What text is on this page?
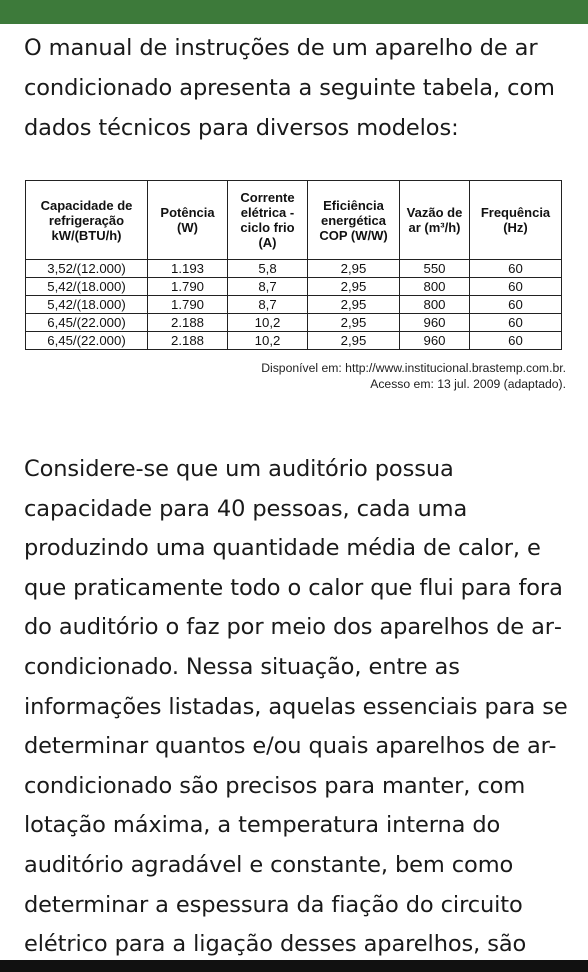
O manual de instruções de um aparelho de ar condicionado apresenta a seguinte tabela, com dados técnicos para diversos modelos:

Capacidade de refrigeração kW/(BTU/h)	Potência (W)	Corrente elétrica - ciclo frio (A)	Eficiência energética COP (W/W)	Vazão de ar (m³/h)	Frequência (Hz)
3,52/(12.000)	1.193	5,8	2,95	550	60
5,42/(18.000)	1.790	8,7	2,95	800	60
5,42/(18.000)	1.790	8,7	2,95	800	60
6,45/(22.000)	2.188	10,2	2,95	960	60
6,45/(22.000)	2.188	10,2	2,95	960	60
Disponível em: http://www.institucional.brastemp.com.br.
Acesso em: 13 jul. 2009 (adaptado).

Considere-se que um auditório possua capacidade para 40 pessoas, cada uma produzindo uma quantidade média de calor, e que praticamente todo o calor que flui para fora do auditório o faz por meio dos aparelhos de ar‐condicionado. Nessa situação, entre as informações listadas, aquelas essenciais para se determinar quantos e/ou quais aparelhos de ar-condicionado são precisos para manter, com lotação máxima, a temperatura interna do auditório agradável e constante, bem como determinar a espessura da fiação do circuito elétrico para a ligação desses aparelhos, são
